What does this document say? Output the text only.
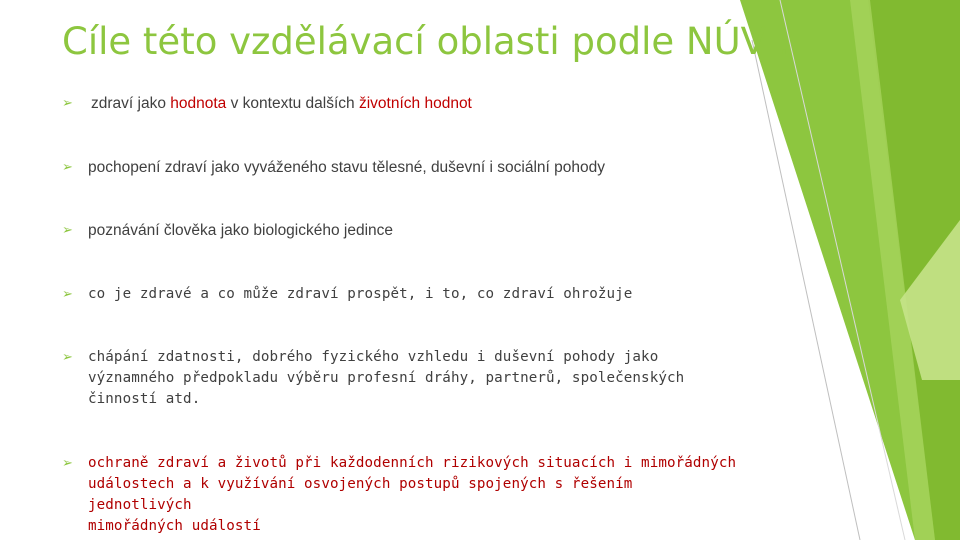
Cíle této vzdělávací oblasti podle NÚV :
➢	zdraví jako hodnota v kontextu dalších životních hodnot
➢ pochopení zdraví jako vyváženého stavu tělesné, duševní i sociální pohody
➢ poznávání člověka jako biologického jedince
➢	co je zdravé a co může zdraví prospět, i to, co zdraví ohrožuje
➢	chápání zdatnosti, dobrého fyzického vzhledu i duševní pohody jako
významného předpokladu výběru profesní dráhy, partnerů, společenských
činností atd.
➢	ochraně zdraví a životů při každodenních rizikových situacích i mimořádných
událostech a k využívání osvojených postupů spojených s řešením jednotlivých
mimořádných událostí
